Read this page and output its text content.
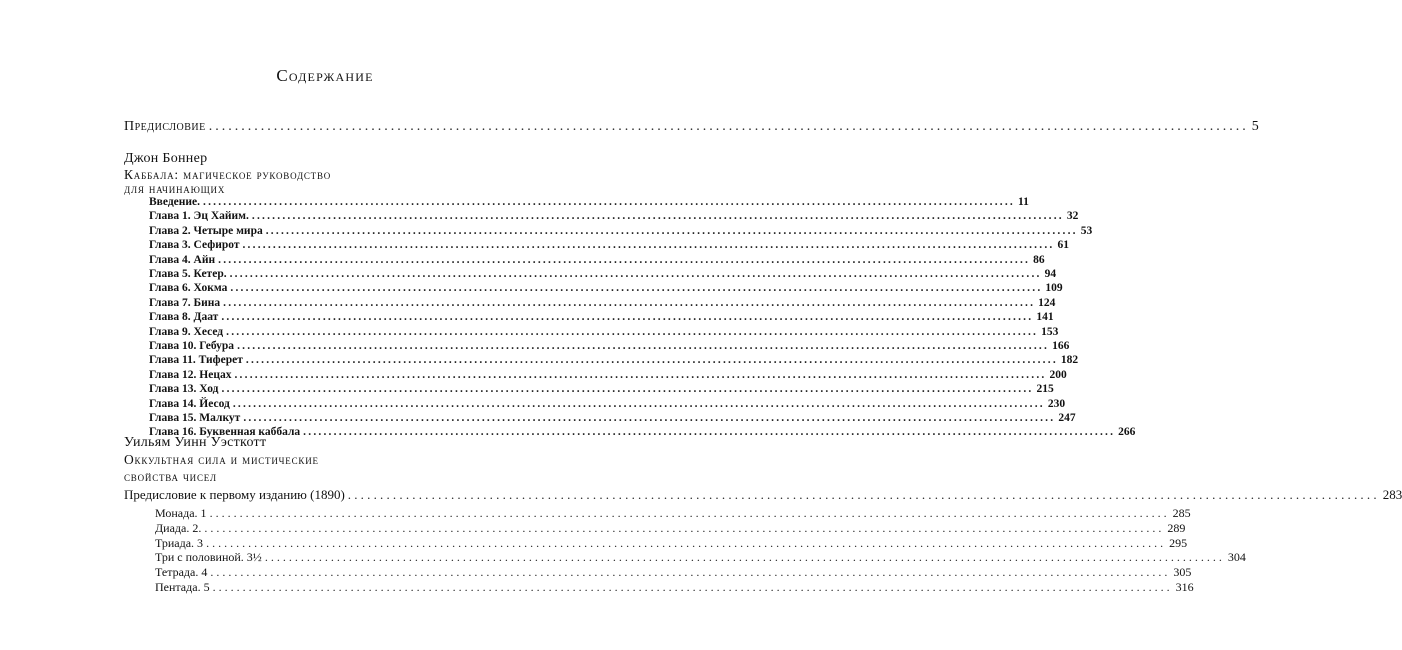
Содержание
Предисловие ................................................................................................................................................................ 5
Джон Боннер
Каббала: магическое руководство
для начинающих
Введение. ................................................................................................................................................................ 11
Глава 1. Эц Хайим. ................................................................................................................................................................ 32
Глава 2. Четыре мира ................................................................................................................................................................ 53
Глава 3. Сефирот ................................................................................................................................................................ 61
Глава 4. Айн ................................................................................................................................................................ 86
Глава 5. Кетер. ................................................................................................................................................................ 94
Глава 6. Хокма ................................................................................................................................................................ 109
Глава 7. Бина ................................................................................................................................................................ 124
Глава 8. Даат ................................................................................................................................................................ 141
Глава 9. Хесед ................................................................................................................................................................ 153
Глава 10. Гебура ................................................................................................................................................................ 166
Глава 11. Тиферет ................................................................................................................................................................ 182
Глава 12. Нецах ................................................................................................................................................................ 200
Глава 13. Ход ................................................................................................................................................................ 215
Глава 14. Йесод ................................................................................................................................................................ 230
Глава 15. Малкут ................................................................................................................................................................ 247
Глава 16. Буквенная каббала ................................................................................................................................................................ 266
Уильям Уинн Уэсткотт
Оккультная сила и мистические
свойства чисел
Предисловие к первому изданию (1890) ................................................................................................................................................................ 283
Монада. 1 ................................................................................................................................................................ 285
Диада. 2. ................................................................................................................................................................ 289
Триада. 3 ................................................................................................................................................................ 295
Три с половиной. 3½ ................................................................................................................................................................ 304
Тетрада. 4 ................................................................................................................................................................ 305
Пентада. 5 ................................................................................................................................................................ 316
